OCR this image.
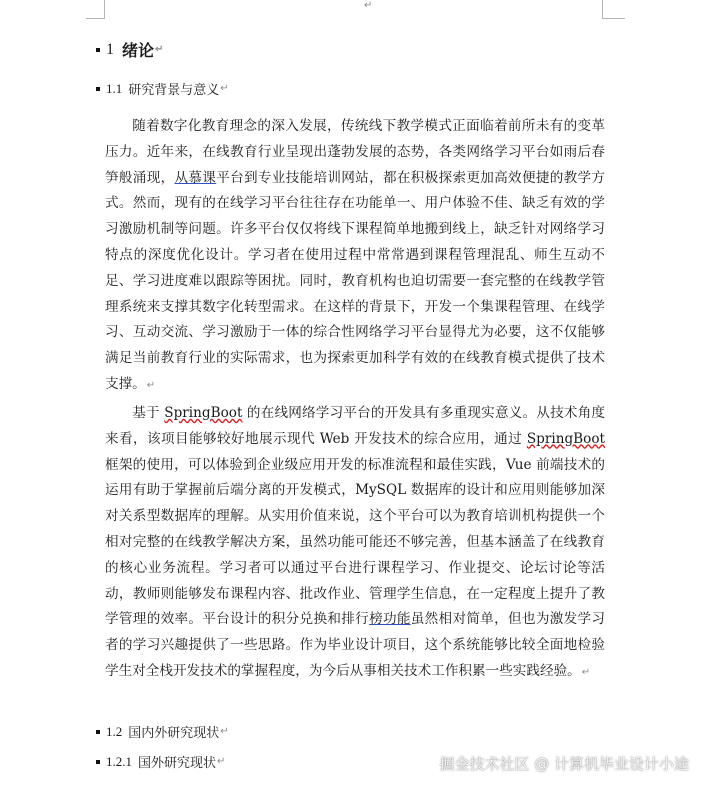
↵
1 绪论 ↵
1.1 研究背景与意义 ↵

随着数字化教育理念的深入发展，传统线下教学模式正面临着前所未有的变革压力。近年来，在线教育行业呈现出蓬勃发展的态势，各类网络学习平台如雨后春笋般涌现，从慕课平台到专业技能培训网站，都在积极探索更加高效便捷的教学方式。然而，现有的在线学习平台往往存在功能单一、用户体验不佳、缺乏有效的学习激励机制等问题。许多平台仅仅将线下课程简单地搬到线上，缺乏针对网络学习特点的深度优化设计。学习者在使用过程中常常遇到课程管理混乱、师生互动不足、学习进度难以跟踪等困扰。同时，教育机构也迫切需要一套完整的在线教学管理系统来支撑其数字化转型需求。在这样的背景下，开发一个集课程管理、在线学习、互动交流、学习激励于一体的综合性网络学习平台显得尤为必要，这不仅能够满足当前教育行业的实际需求，也为探索更加科学有效的在线教育模式提供了技术支撑。↵

基于 SpringBoot 的在线网络学习平台的开发具有多重现实意义。从技术角度来看，该项目能够较好地展示现代 Web 开发技术的综合应用，通过 SpringBoot 框架的使用，可以体验到企业级应用开发的标准流程和最佳实践，Vue 前端技术的运用有助于掌握前后端分离的开发模式，MySQL 数据库的设计和应用则能够加深对关系型数据库的理解。从实用价值来说，这个平台可以为教育培训机构提供一个相对完整的在线教学解决方案，虽然功能可能还不够完善，但基本涵盖了在线教育的核心业务流程。学习者可以通过平台进行课程学习、作业提交、论坛讨论等活动，教师则能够发布课程内容、批改作业、管理学生信息，在一定程度上提升了教学管理的效率。平台设计的积分兑换和排行榜功能虽然相对简单，但也为激发学习者的学习兴趣提供了一些思路。作为毕业设计项目，这个系统能够比较全面地检验学生对全栈开发技术的掌握程度，为今后从事相关技术工作积累一些实践经验。↵

1.2 国内外研究现状 ↵
1.2.1 国外研究现状 ↵	掘金技术社区 @ 计算机毕业设计小途
